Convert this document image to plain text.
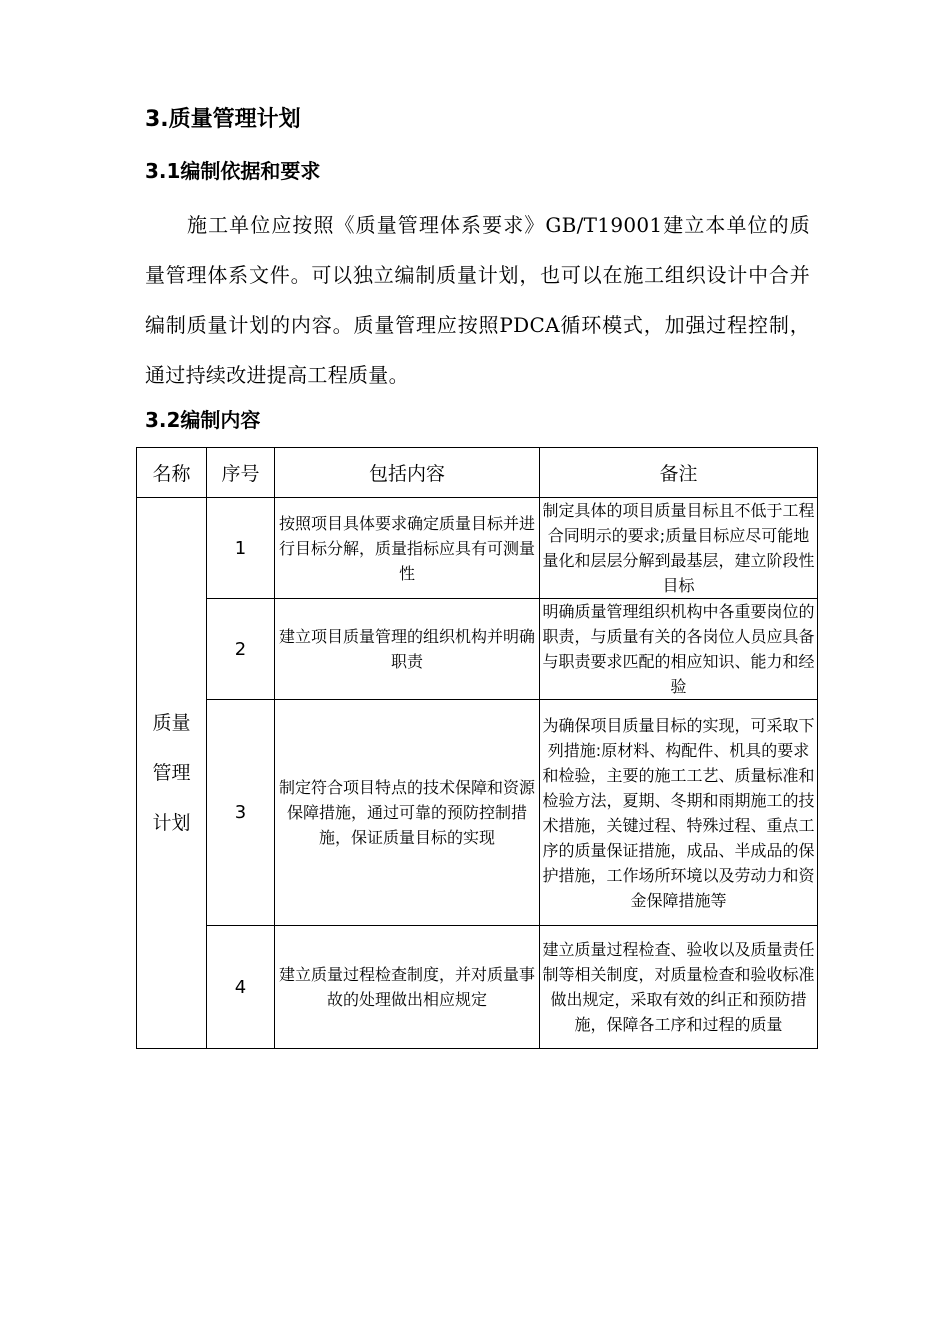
3.质量管理计划
3.1编制依据和要求
施工单位应按照《质量管理体系要求》GB/T19001建立本单位的质量管理体系文件。可以独立编制质量计划，也可以在施工组织设计中合并编制质量计划的内容。质量管理应按照PDCA循环模式，加强过程控制，通过持续改进提高工程质量。
3.2编制内容
名称	序号	包括内容	备注

质量
管理
计划	1	按照项目具体要求确定质量目标并进行目标分解，质量指标应具有可测量性	制定具体的项目质量目标且不低于工程合同明示的要求;质量目标应尽可能地量化和层层分解到最基层，建立阶段性目标
	2	建立项目质量管理的组织机构并明确职责	明确质量管理组织机构中各重要岗位的职责，与质量有关的各岗位人员应具备与职责要求匹配的相应知识、能力和经验
	3	制定符合项目特点的技术保障和资源保障措施，通过可靠的预防控制措施，保证质量目标的实现	为确保项目质量目标的实现，可采取下列措施:原材料、构配件、机具的要求和检验，主要的施工工艺、质量标准和检验方法，夏期、冬期和雨期施工的技术措施，关键过程、特殊过程、重点工序的质量保证措施，成品、半成品的保护措施，工作场所环境以及劳动力和资金保障措施等
	4	建立质量过程检查制度，并对质量事故的处理做出相应规定	建立质量过程检查、验收以及质量责任制等相关制度，对质量检查和验收标准做出规定，采取有效的纠正和预防措施，保障各工序和过程的质量
